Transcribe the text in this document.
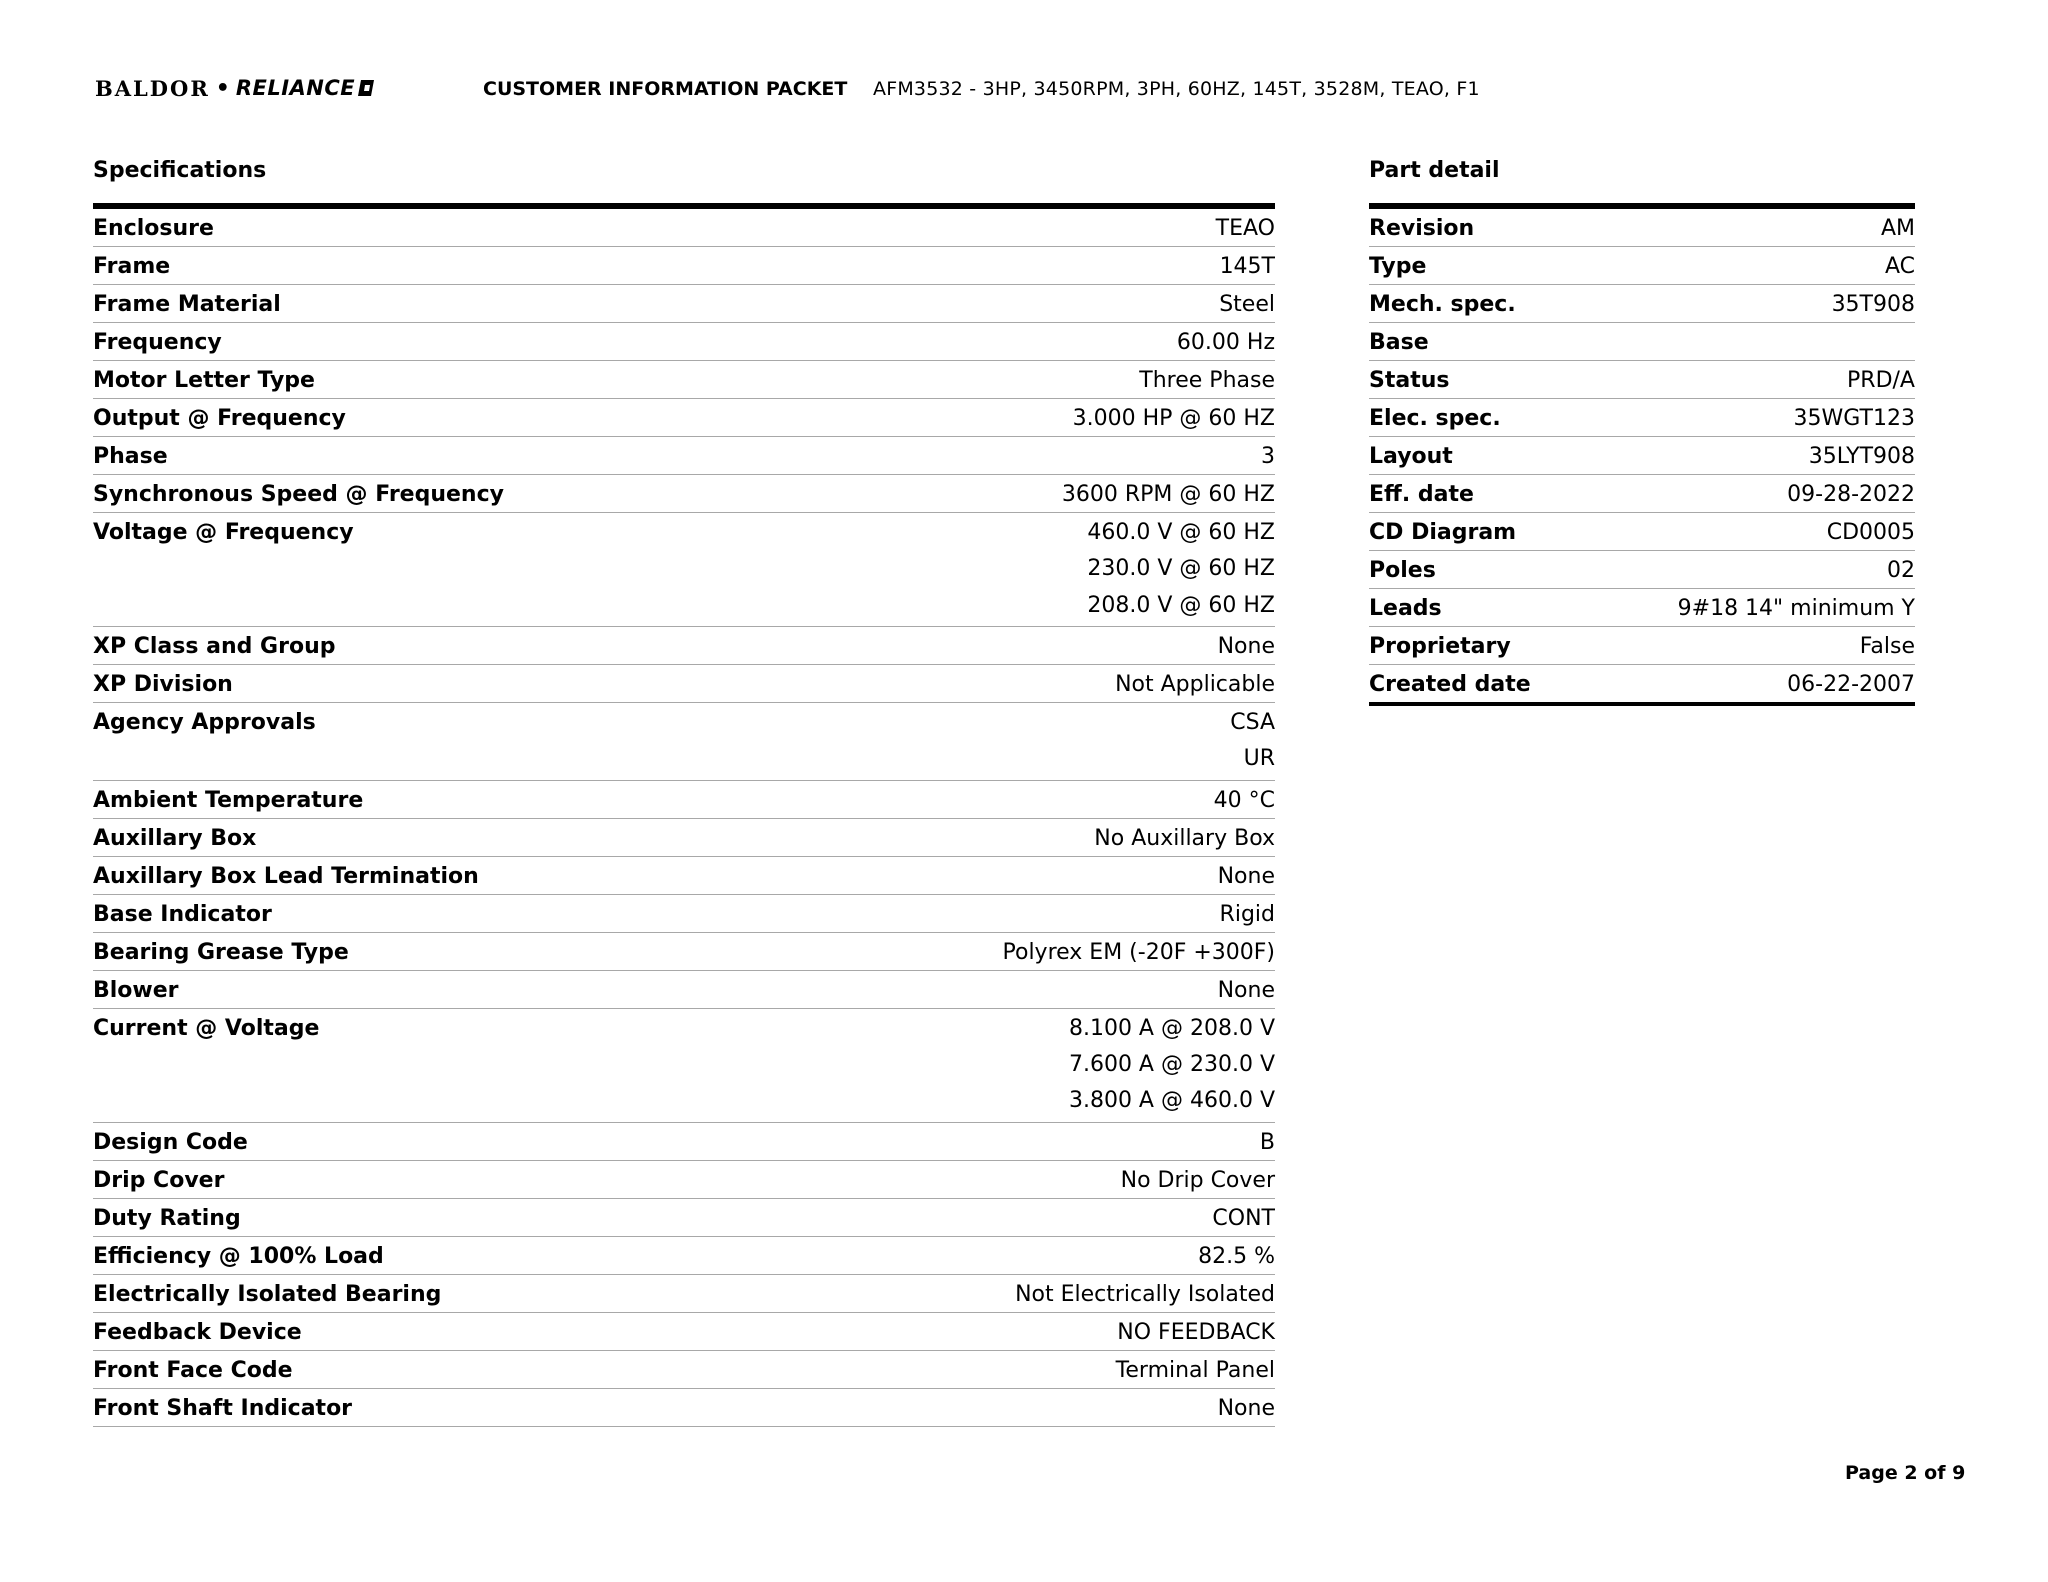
BALDOR • RELIANCE	CUSTOMER INFORMATION PACKET AFM3532 - 3HP, 3450RPM, 3PH, 60HZ, 145T, 3528M, TEAO, F1
Specifications
Enclosure	TEAO
Frame	145T
Frame Material	Steel
Frequency	60.00 Hz
Motor Letter Type	Three Phase
Output @ Frequency	3.000 HP @ 60 HZ
Phase	3
Synchronous Speed @ Frequency	3600 RPM @ 60 HZ
Voltage @ Frequency	460.0 V @ 60 HZ
230.0 V @ 60 HZ
208.0 V @ 60 HZ
XP Class and Group	None
XP Division	Not Applicable
Agency Approvals	CSA
UR
Ambient Temperature	40 °C
Auxillary Box	No Auxillary Box
Auxillary Box Lead Termination	None
Base Indicator	Rigid
Bearing Grease Type	Polyrex EM (-20F +300F)
Blower	None
Current @ Voltage	8.100 A @ 208.0 V
7.600 A @ 230.0 V
3.800 A @ 460.0 V
Design Code	B
Drip Cover	No Drip Cover
Duty Rating	CONT
Efficiency @ 100% Load	82.5 %
Electrically Isolated Bearing	Not Electrically Isolated
Feedback Device	NO FEEDBACK
Front Face Code	Terminal Panel
Front Shaft Indicator	None
Part detail
Revision	AM
Type	AC
Mech. spec.	35T908
Base
Status	PRD/A
Elec. spec.	35WGT123
Layout	35LYT908
Eff. date	09-28-2022
CD Diagram	CD0005
Poles	02
Leads	9#18 14" minimum Y
Proprietary	False
Created date	06-22-2007
Page 2 of 9
